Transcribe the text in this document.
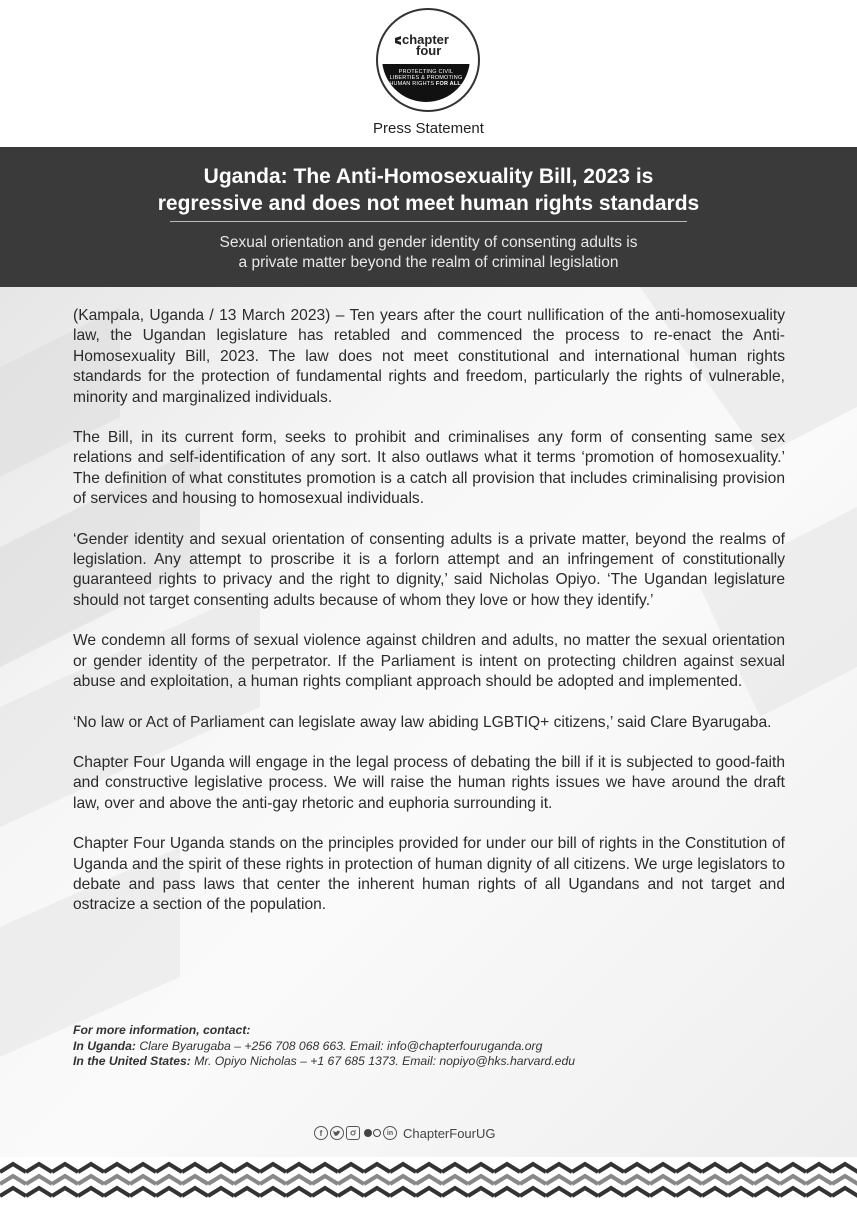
chapter
four
PROTECTING CIVIL
LIBERTIES & PROMOTING
HUMAN RIGHTS FOR ALL.
Press Statement
Uganda: The Anti-Homosexuality Bill, 2023 is
regressive and does not meet human rights standards
Sexual orientation and gender identity of consenting adults is
a private matter beyond the realm of criminal legislation

(Kampala, Uganda / 13 March 2023) – Ten years after the court nullification of the anti-homosexuality law, the Ugandan legislature has retabled and commenced the process to re-enact the Anti-Homosexuality Bill, 2023. The law does not meet constitutional and international human rights standards for the protection of fundamental rights and freedom, particularly the rights of vulnerable, minority and marginalized individuals.

The Bill, in its current form, seeks to prohibit and criminalises any form of consenting same sex relations and self-identification of any sort. It also outlaws what it terms ‘promotion of homosexuality.’ The definition of what constitutes promotion is a catch all provision that includes criminalising provision of services and housing to homosexual individuals.

‘Gender identity and sexual orientation of consenting adults is a private matter, beyond the realms of legislation. Any attempt to proscribe it is a forlorn attempt and an infringement of constitutionally guaranteed rights to privacy and the right to dignity,’ said Nicholas Opiyo. ‘The Ugandan legislature should not target consenting adults because of whom they love or how they identify.’

We condemn all forms of sexual violence against children and adults, no matter the sexual orientation or gender identity of the perpetrator. If the Parliament is intent on protecting children against sexual abuse and exploitation, a human rights compliant approach should be adopted and implemented.

‘No law or Act of Parliament can legislate away law abiding LGBTIQ+ citizens,’ said Clare Byarugaba.

Chapter Four Uganda will engage in the legal process of debating the bill if it is subjected to good-faith and constructive legislative process. We will raise the human rights issues we have around the draft law, over and above the anti-gay rhetoric and euphoria surrounding it.

Chapter Four Uganda stands on the principles provided for under our bill of rights in the Constitution of Uganda and the spirit of these rights in protection of human dignity of all citizens. We urge legislators to debate and pass laws that center the inherent human rights of all Ugandans and not target and ostracize a section of the population.

For more information, contact:
In Uganda: Clare Byarugaba – +256 708 068 663. Email: info@chapterfouruganda.org
In the United States: Mr. Opiyo Nicholas – +1 67 685 1373. Email: nopiyo@hks.harvard.edu
f	in ChapterFourUG
